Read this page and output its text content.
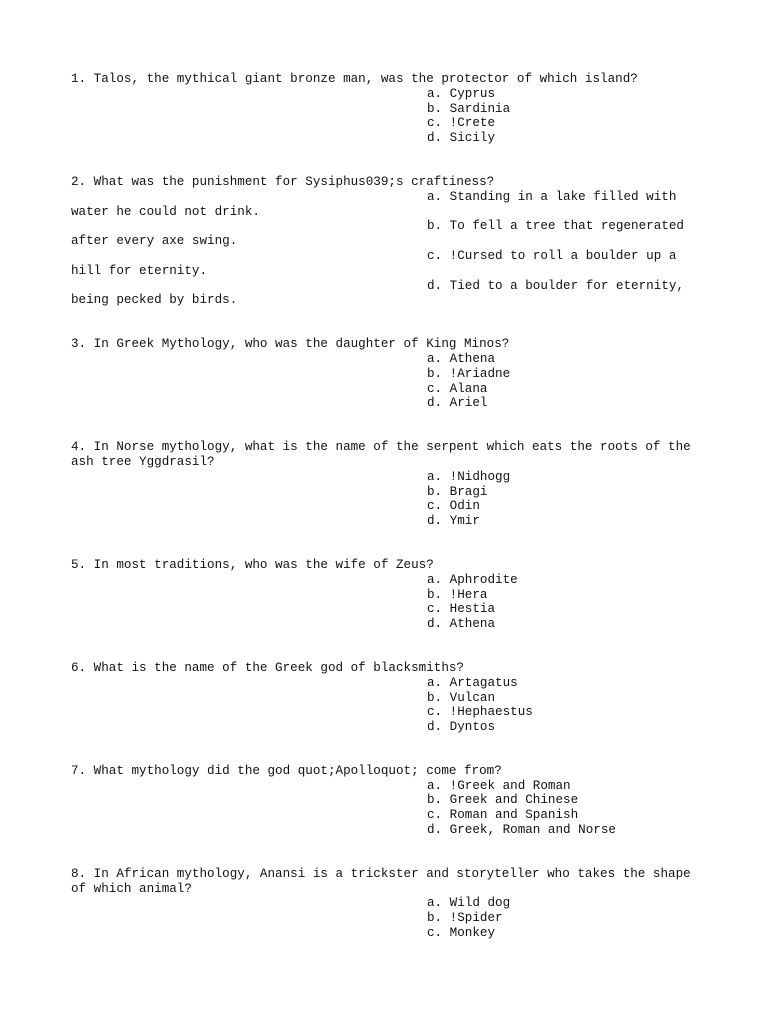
1. Talos, the mythical giant bronze man, was the protector of which island?
a. Cyprus
b. Sardinia
c. !Crete
d. Sicily
2. What was the punishment for Sysiphus039;s craftiness?
a. Standing in a lake filled with water he could not drink.
b. To fell a tree that regenerated after every axe swing.
c. !Cursed to roll a boulder up a hill for eternity.
d. Tied to a boulder for eternity, being pecked by birds.
3. In Greek Mythology, who was the daughter of King Minos?
a. Athena
b. !Ariadne
c. Alana
d. Ariel
4. In Norse mythology, what is the name of the serpent which eats the roots of the ash tree Yggdrasil?
a. !Nidhogg
b. Bragi
c. Odin
d. Ymir
5. In most traditions, who was the wife of Zeus?
a. Aphrodite
b. !Hera
c. Hestia
d. Athena
6. What is the name of the Greek god of blacksmiths?
a. Artagatus
b. Vulcan
c. !Hephaestus
d. Dyntos
7. What mythology did the god quot;Apolloquot; come from?
a. !Greek and Roman
b. Greek and Chinese
c. Roman and Spanish
d. Greek, Roman and Norse
8. In African mythology, Anansi is a trickster and storyteller who takes the shape of which animal?
a. Wild dog
b. !Spider
c. Monkey
